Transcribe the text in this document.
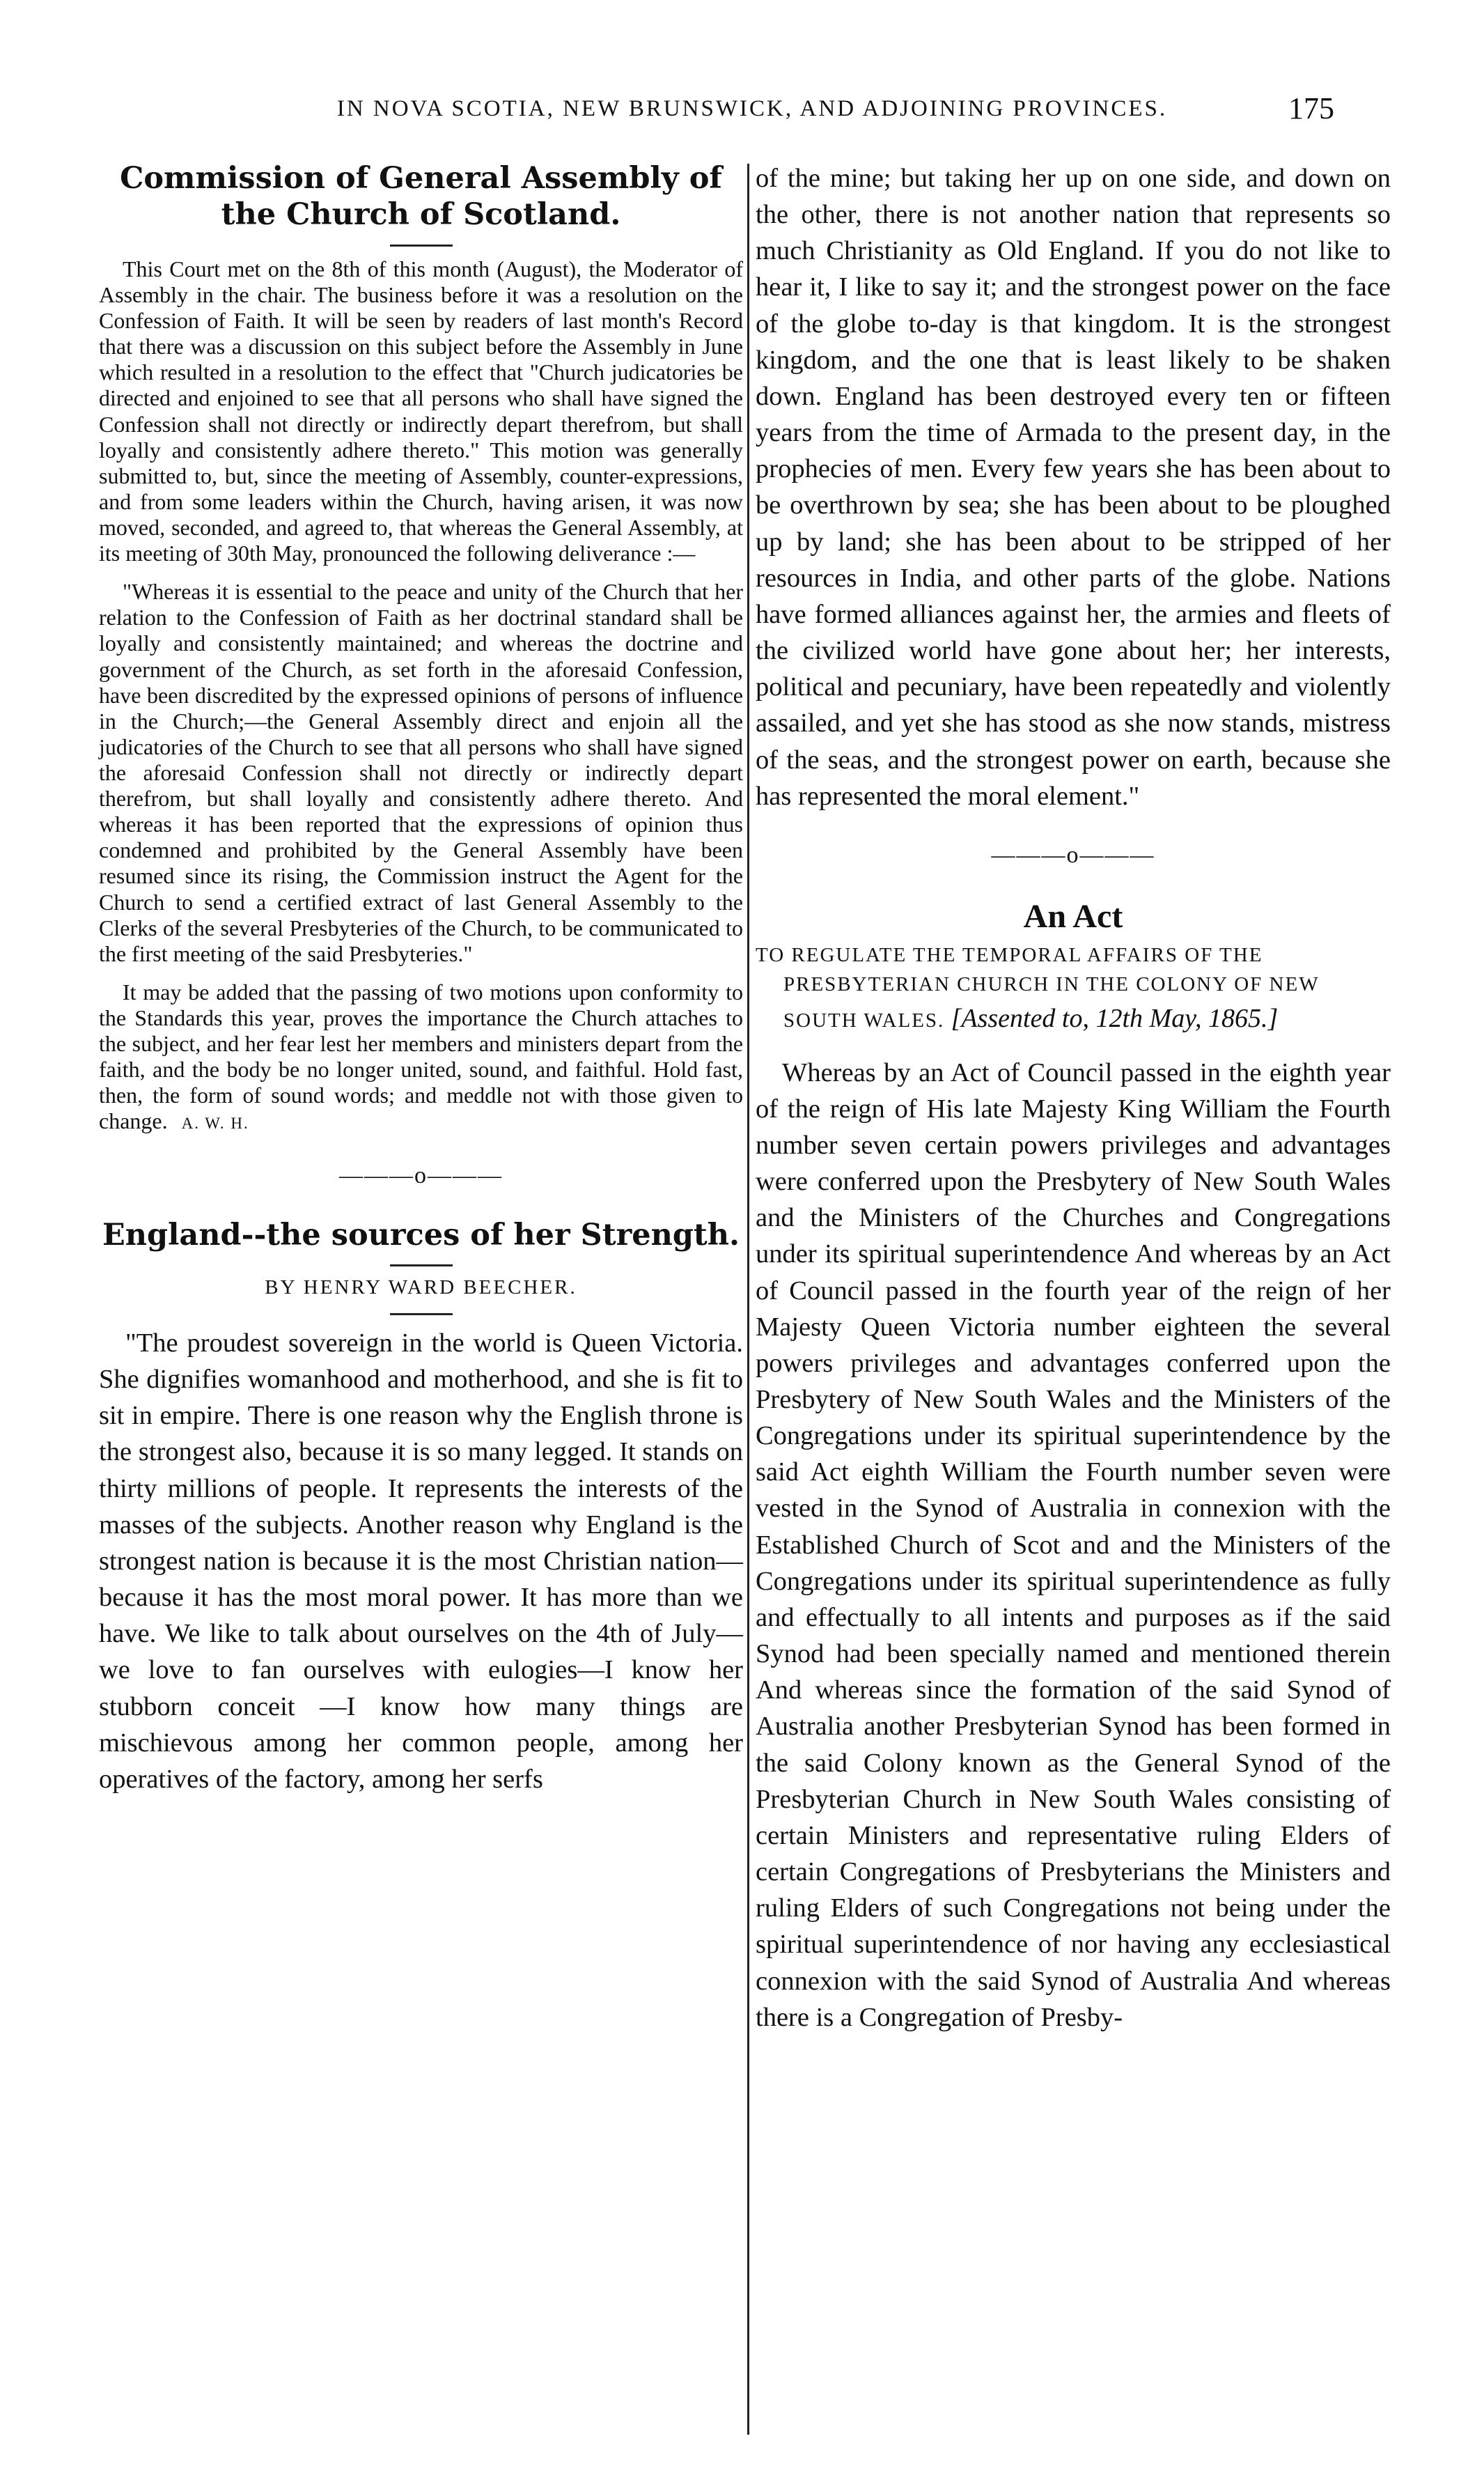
IN NOVA SCOTIA, NEW BRUNSWICK, AND ADJOINING PROVINCES.	175
Commission of General Assembly of the Church of Scotland.

This Court met on the 8th of this month (August), the Moderator of Assembly in the chair. The business before it was a resolution on the Confession of Faith. It will be seen by readers of last month's Record that there was a discussion on this subject before the Assembly in June which resulted in a resolution to the effect that "Church judicatories be directed and enjoined to see that all persons who shall have signed the Confession shall not directly or indirectly depart therefrom, but shall loyally and consistently adhere thereto." This motion was generally submitted to, but, since the meeting of Assembly, counter-expressions, and from some leaders within the Church, having arisen, it was now moved, seconded, and agreed to, that whereas the General Assembly, at its meeting of 30th May, pronounced the following deliverance :—

"Whereas it is essential to the peace and unity of the Church that her relation to the Confession of Faith as her doctrinal standard shall be loyally and consistently maintained; and whereas the doctrine and government of the Church, as set forth in the aforesaid Confession, have been discredited by the expressed opinions of persons of influence in the Church;—the General Assembly direct and enjoin all the judicatories of the Church to see that all persons who shall have signed the aforesaid Confession shall not directly or indirectly depart therefrom, but shall loyally and consistently adhere thereto. And whereas it has been reported that the expressions of opinion thus condemned and prohibited by the General Assembly have been resumed since its rising, the Commission instruct the Agent for the Church to send a certified extract of last General Assembly to the Clerks of the several Presbyteries of the Church, to be communicated to the first meeting of the said Presbyteries."

It may be added that the passing of two motions upon conformity to the Standards this year, proves the importance the Church attaches to the subject, and her fear lest her members and ministers depart from the faith, and the body be no longer united, sound, and faithful. Hold fast, then, the form of sound words; and meddle not with those given to change. A. W. H.

———o———
England--the sources of her Strength.
BY HENRY WARD BEECHER.

"The proudest sovereign in the world is Queen Victoria. She dignifies womanhood and motherhood, and she is fit to sit in empire. There is one reason why the English throne is the strongest also, because it is so many legged. It stands on thirty millions of people. It represents the interests of the masses of the subjects. Another reason why England is the strongest nation is because it is the most Christian nation—because it has the most moral power. It has more than we have. We like to talk about ourselves on the 4th of July—we love to fan ourselves with eulogies—I know her stubborn conceit —I know how many things are mischievous among her common people, among her operatives of the factory, among her serfs

of the mine; but taking her up on one side, and down on the other, there is not another nation that represents so much Christianity as Old England. If you do not like to hear it, I like to say it; and the strongest power on the face of the globe to-day is that kingdom. It is the strongest kingdom, and the one that is least likely to be shaken down. England has been destroyed every ten or fifteen years from the time of Armada to the present day, in the prophecies of men. Every few years she has been about to be overthrown by sea; she has been about to be ploughed up by land; she has been about to be stripped of her resources in India, and other parts of the globe. Nations have formed alliances against her, the armies and fleets of the civilized world have gone about her; her interests, political and pecuniary, have been repeatedly and violently assailed, and yet she has stood as she now stands, mistress of the seas, and the strongest power on earth, because she has represented the moral element."

———o———
An Act
TO REGULATE THE TEMPORAL AFFAIRS OF THE PRESBYTERIAN CHURCH IN THE COLONY OF NEW SOUTH WALES. [Assented to, 12th May, 1865.]

Whereas by an Act of Council passed in the eighth year of the reign of His late Majesty King William the Fourth number seven certain powers privileges and advantages were conferred upon the Presbytery of New South Wales and the Ministers of the Churches and Congregations under its spiritual superintendence And whereas by an Act of Council passed in the fourth year of the reign of her Majesty Queen Victoria number eighteen the several powers privileges and advantages conferred upon the Presbytery of New South Wales and the Ministers of the Congregations under its spiritual superintendence by the said Act eighth William the Fourth number seven were vested in the Synod of Australia in connexion with the Established Church of Scot and and the Ministers of the Congregations under its spiritual superintendence as fully and effectually to all intents and purposes as if the said Synod had been specially named and mentioned therein And whereas since the formation of the said Synod of Australia another Presbyterian Synod has been formed in the said Colony known as the General Synod of the Presbyterian Church in New South Wales consisting of certain Ministers and representative ruling Elders of certain Congregations of Presbyterians the Ministers and ruling Elders of such Congregations not being under the spiritual superintendence of nor having any ecclesiastical connexion with the said Synod of Australia And whereas there is a Congregation of Presby-
